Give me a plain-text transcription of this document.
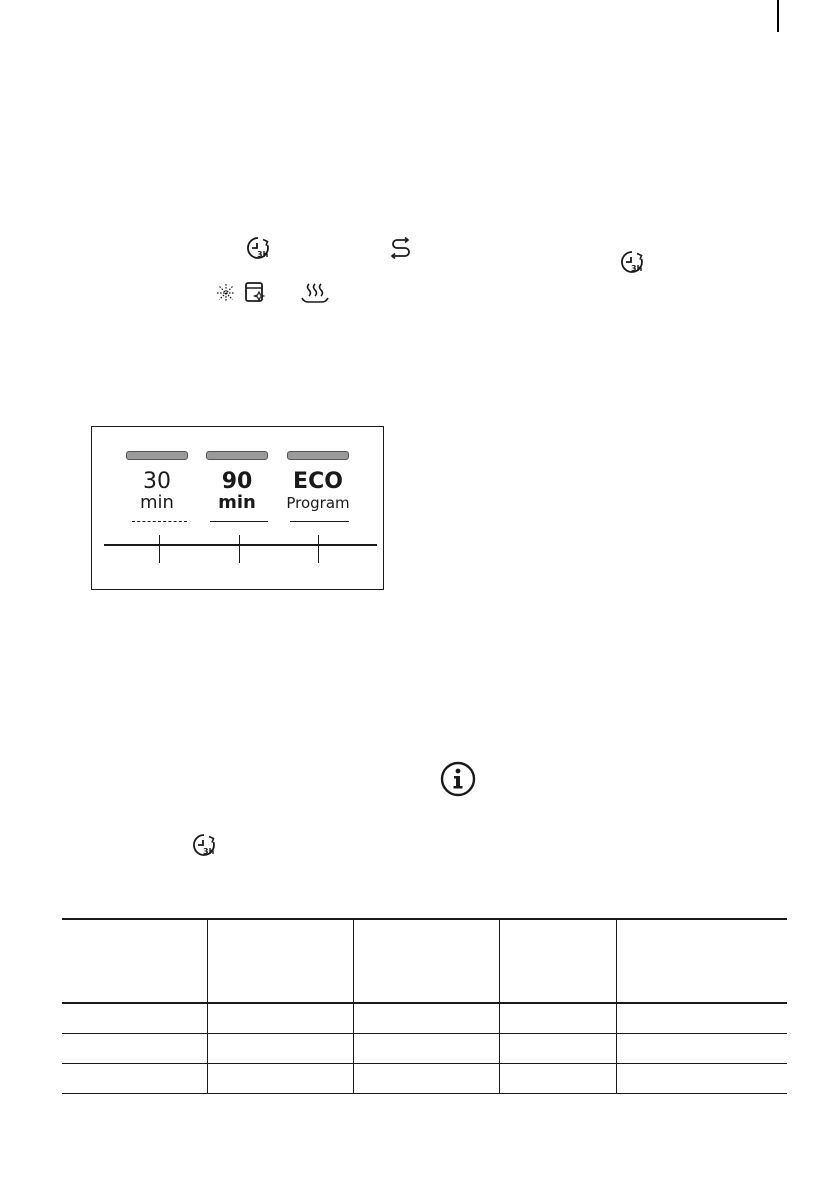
3h
3h
30
min
90
min
ECO
Program
3h
